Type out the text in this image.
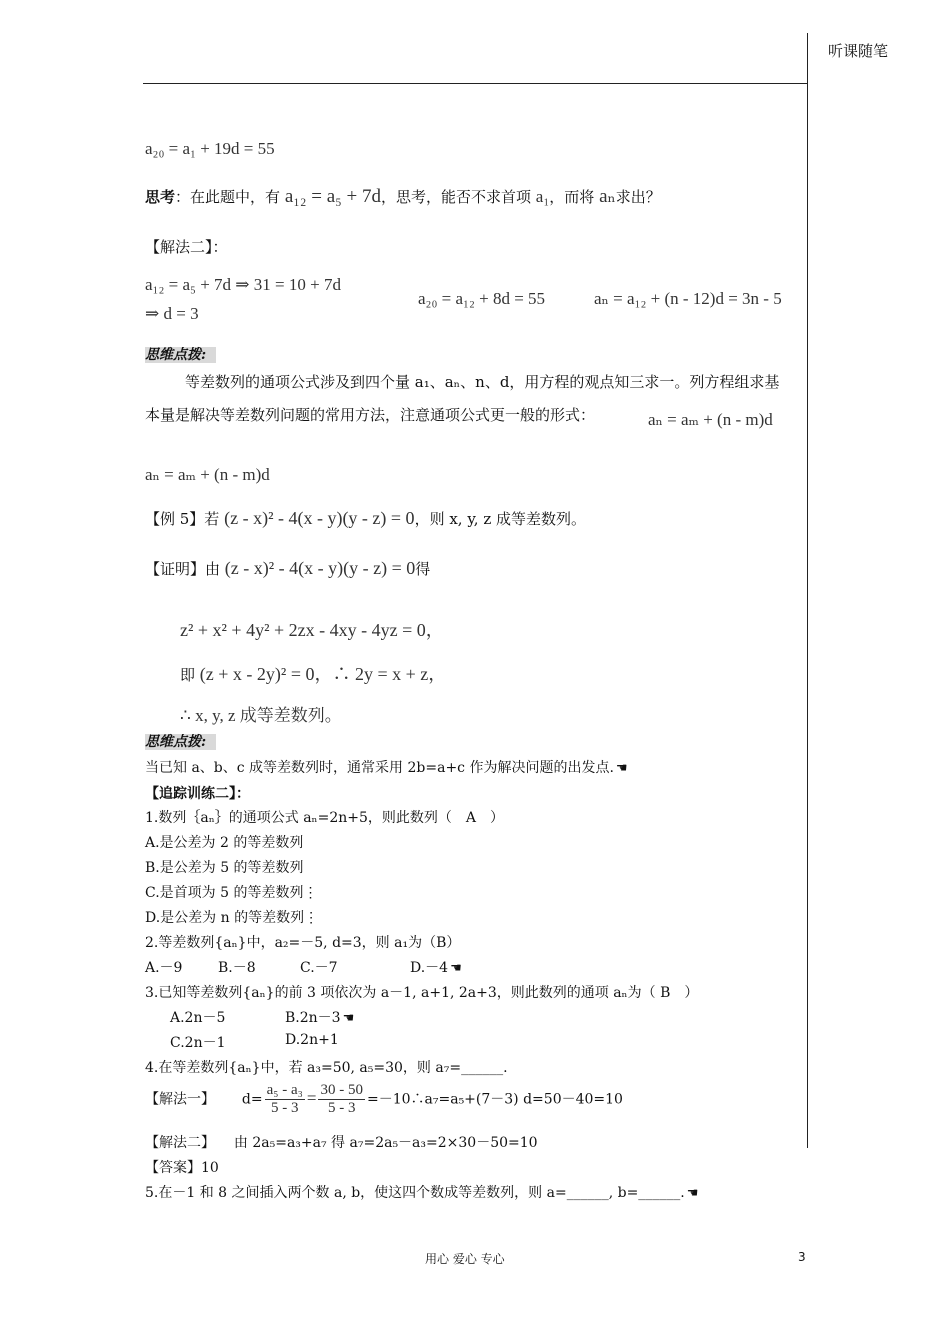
听课随笔
a₂₀ = a₁ + 19d = 55
思考：在此题中，有 a₁₂ = a₅ + 7d，思考，能否不求首项 a₁，而将 aₙ求出？
【解法二】：
a₁₂ = a₅ + 7d ⇒ 31 = 10 + 7d
⇒ d = 3
a₂₀ = a₁₂ + 8d = 55	aₙ = a₁₂ + (n - 12)d = 3n - 5
思维点拨:
等差数列的通项公式涉及到四个量 a₁、aₙ、n、d，用方程的观点知三求一。列方程组求基
本量是解决等差数列问题的常用方法，注意通项公式更一般的形式：	aₙ = aₘ + (n - m)d
aₙ = aₘ + (n - m)d
【例 5】若 (z - x)² - 4(x - y)(y - z) = 0，则 x, y, z 成等差数列。
【证明】由 (z - x)² - 4(x - y)(y - z) = 0得
z² + x² + 4y² + 2zx - 4xy - 4yz = 0，
即 (z + x - 2y)² = 0，∴ 2y = x + z，
∴ x, y, z 成等差数列。
思维点拨:
当已知 a、b、c 成等差数列时，通常采用 2b=a+c 作为解决问题的出发点. ☚
【追踪训练二】：
1.数列｛aₙ｝的通项公式 aₙ=2n+5，则此数列（　A　）
A.是公差为 2 的等差数列
B.是公差为 5 的等差数列
C.是首项为 5 的等差数列⋮
D.是公差为 n 的等差数列⋮
2.等差数列{aₙ}中，a₂=－5, d=3，则 a₁为（B）
A.－9	B.－8	C.－7	D.－4 ☚
3.已知等差数列{aₙ}的前 3 项依次为 a－1, a+1, 2a+3，则此数列的通项 aₙ为（ B　）
A.2n－5	B.2n－3 ☚
C.2n－1	D.2n+1
4.在等差数列{aₙ}中，若 a₃=50, a₅=30，则 a₇=______.
【解法一】 $d= \frac{\text{a₅ - a₃}}{5 - 3} = \frac{30 - 50}{5 - 3}$ =－10∴a₇=a₅+(7－3) d=50－40=10
【解法二】 由 2a₅=a₃+a₇ 得 a₇=2a₅－a₃=2×30－50=10
【答案】10
5.在－1 和 8 之间插入两个数 a, b，使这四个数成等差数列，则 a=______, b=______. ☚
用心 爱心 专心	3
